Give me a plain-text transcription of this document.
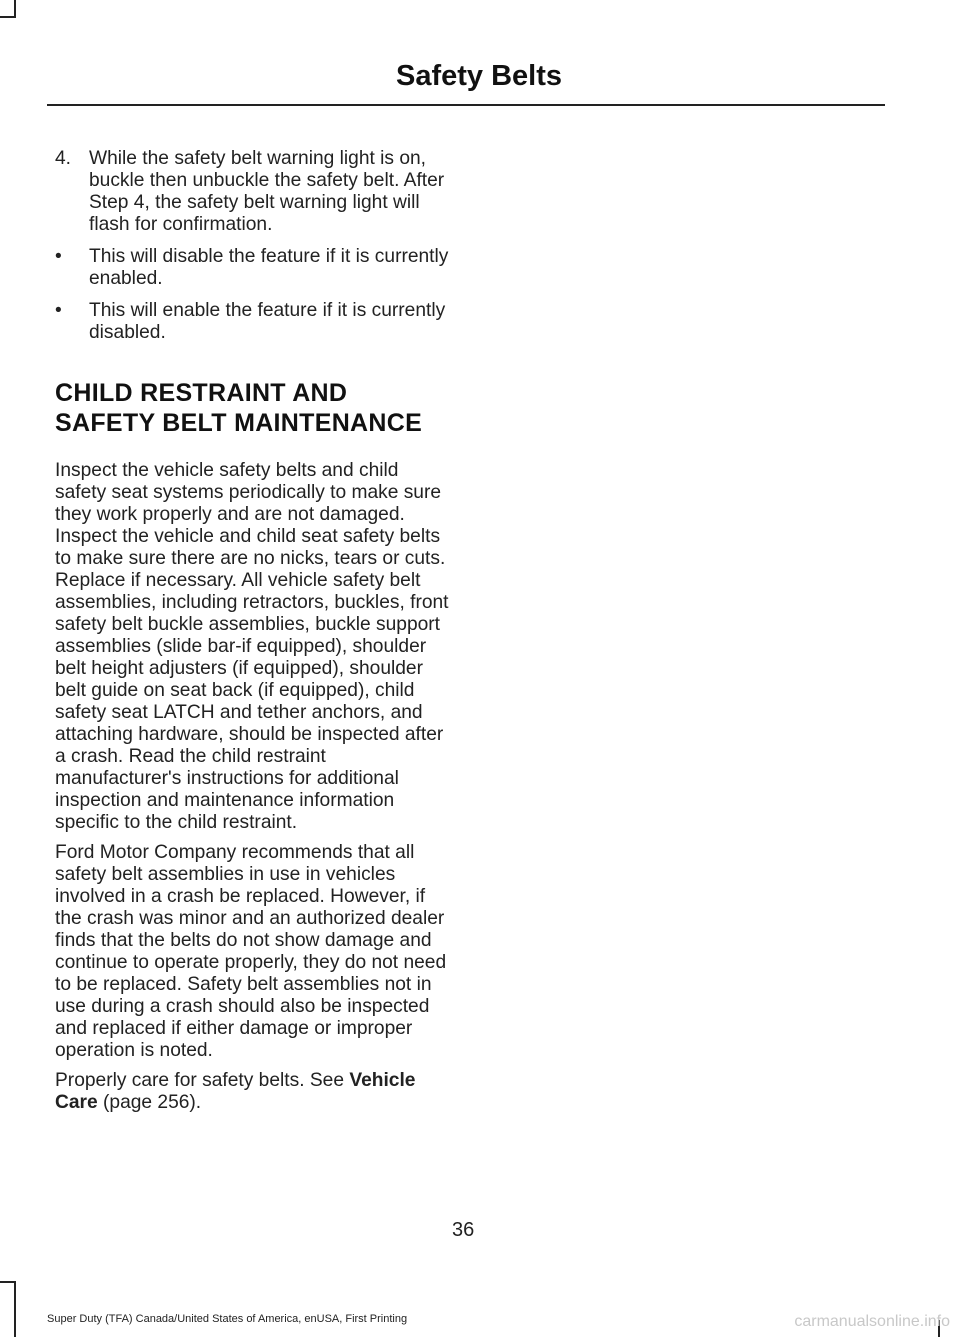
Safety Belts
4. While the safety belt warning light is on, buckle then unbuckle the safety belt. After Step 4, the safety belt warning light will flash for confirmation.
• This will disable the feature if it is currently enabled.
• This will enable the feature if it is currently disabled.
CHILD RESTRAINT AND
SAFETY BELT MAINTENANCE

Inspect the vehicle safety belts and child safety seat systems periodically to make sure they work properly and are not damaged. Inspect the vehicle and child seat safety belts to make sure there are no nicks, tears or cuts. Replace if necessary. All vehicle safety belt assemblies, including retractors, buckles, front safety belt buckle assemblies, buckle support assemblies (slide bar-if equipped), shoulder belt height adjusters (if equipped), shoulder belt guide on seat back (if equipped), child safety seat LATCH and tether anchors, and attaching hardware, should be inspected after a crash. Read the child restraint manufacturer's instructions for additional inspection and maintenance information specific to the child restraint.

Ford Motor Company recommends that all safety belt assemblies in use in vehicles involved in a crash be replaced. However, if the crash was minor and an authorized dealer finds that the belts do not show damage and continue to operate properly, they do not need to be replaced. Safety belt assemblies not in use during a crash should also be inspected and replaced if either damage or improper operation is noted.

Properly care for safety belts. See Vehicle Care (page 256).

36
Super Duty (TFA) Canada/United States of America, enUSA, First Printing	carmanualsonline.info
